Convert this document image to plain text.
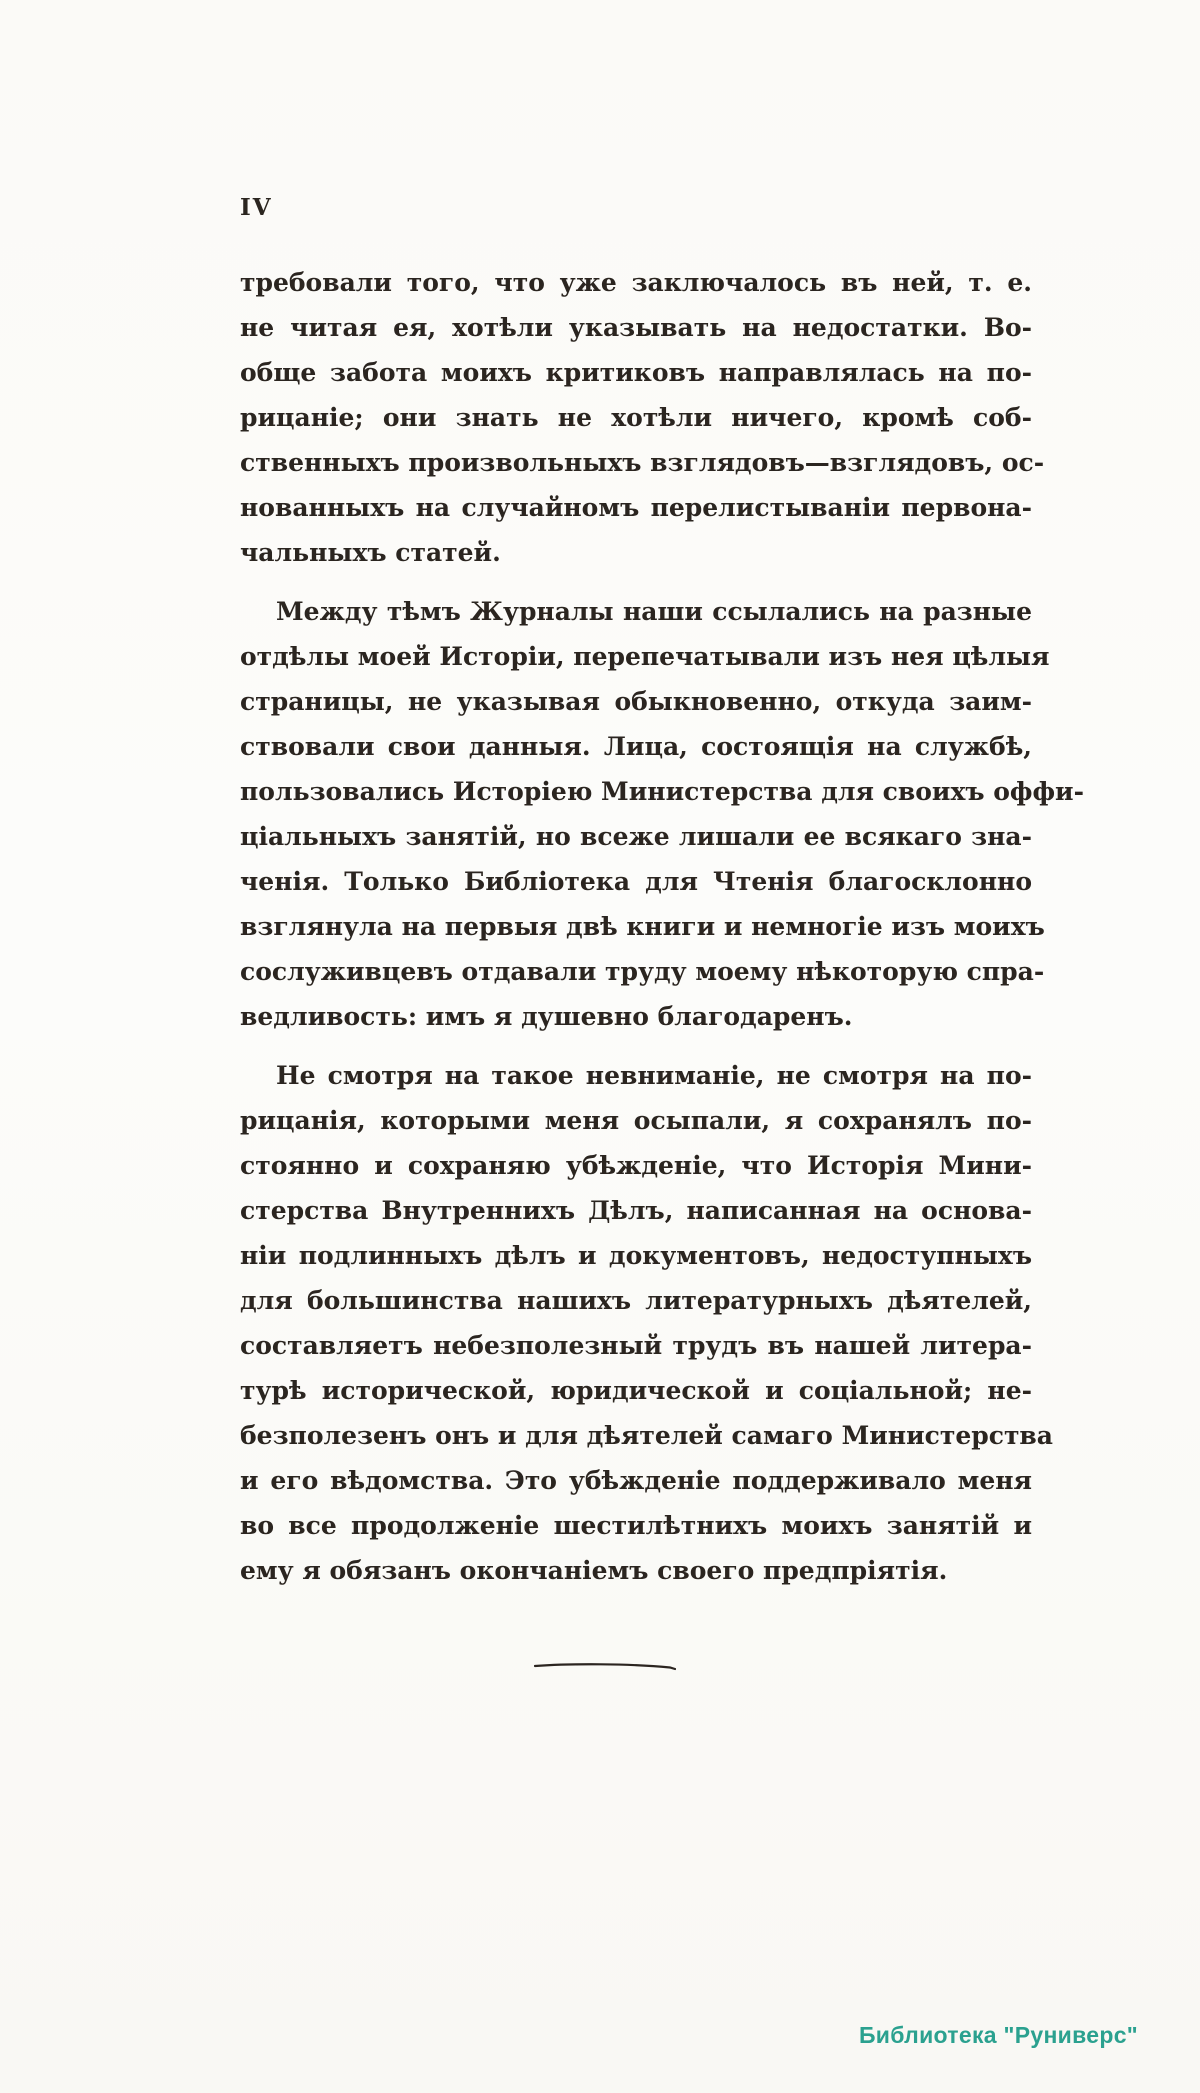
IV
требовали того, что уже заключалось въ ней, т. е.
не читая ея, хотѣли указывать на недостатки. Во-
обще забота моихъ критиковъ направлялась на по-
рицаніе; они знать не хотѣли ничего, кромѣ соб-
ственныхъ произвольныхъ взглядовъ—взглядовъ, ос-
нованныхъ на случайномъ перелистываніи первона-
чальныхъ статей.
Между тѣмъ Журналы наши ссылались на разные
отдѣлы моей Исторіи, перепечатывали изъ нея цѣлыя
страницы, не указывая обыкновенно, откуда заим-
ствовали свои данныя. Лица, состоящія на службѣ,
пользовались Исторіею Министерства для своихъ оффи-
ціальныхъ занятій, но всеже лишали ее всякаго зна-
ченія. Только Библіотека для Чтенія благосклонно
взглянула на первыя двѣ книги и немногіе изъ моихъ
сослуживцевъ отдавали труду моему нѣкоторую спра-
ведливость: имъ я душевно благодаренъ.
Не смотря на такое невниманіе, не смотря на по-
рицанія, которыми меня осыпали, я сохранялъ по-
стоянно и сохраняю убѣжденіе, что Исторія Мини-
стерства Внутреннихъ Дѣлъ, написанная на основа-
ніи подлинныхъ дѣлъ и документовъ, недоступныхъ
для большинства нашихъ литературныхъ дѣятелей,
составляетъ небезполезный трудъ въ нашей литера-
турѣ исторической, юридической и соціальной; не-
безполезенъ онъ и для дѣятелей самаго Министерства
и его вѣдомства. Это убѣжденіе поддерживало меня
во все продолженіе шестилѣтнихъ моихъ занятій и
ему я обязанъ окончаніемъ своего предпріятія.
Библиотека "Руниверс"
